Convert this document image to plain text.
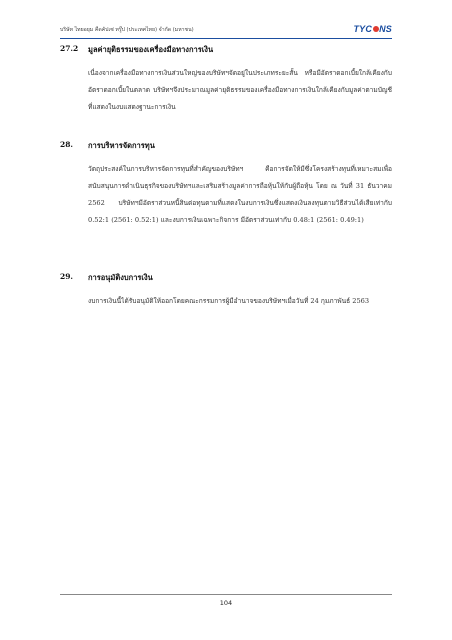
บริษัท ไทยอยุม คืดคัปเซ่ ทรู๊ป (ประเทศไทย) จำกัด (มหาชน)	TYC NS
27.2	มูลค่ายุติธรรมของเครื่องมือทางการเงิน
เนื่องจากเครื่องมือทางการเงินส่วนใหญ่ของบริษัทฯจัดอยู่ในประเภทระยะสั้น หรือมีอัตราดอกเบี้ยใกล้เคียงกับอัตราดอกเบี้ยในตลาด บริษัทฯจึงประมาณมูลค่ายุติธรรมของเครื่องมือทางการเงินใกล้เคียงกับมูลค่าตามบัญชีที่แสดงในงบแสดงฐานะการเงิน
28.	การบริหารจัดการทุน
วัตถุประสงค์ในการบริหารจัดการทุนที่สำคัญของบริษัทฯ คือการจัดให้มีซึ่งโครงสร้างทุนที่เหมาะสมเพื่อสนับสนุนการดำเนินธุรกิจของบริษัทฯและเสริมสร้างมูลค่าการถือหุ้นให้กับผู้ถือหุ้น โดย ณ วันที่ 31 ธันวาคม 2562 บริษัทฯมีอัตราส่วนหนี้สินต่อทุนตามที่แสดงในงบการเงินซึ่งแสดงเงินลงทุนตามวิธีส่วนได้เสียเท่ากับ 0.52:1 (2561: 0.52:1) และงบการเงินเฉพาะกิจการ มีอัตราส่วนเท่ากับ 0.48:1 (2561: 0.49:1)
29.	การอนุมัติงบการเงิน
งบการเงินนี้ได้รับอนุมัติให้ออกโดยคณะกรรมการผู้มีอำนาจของบริษัทฯเมื่อวันที่ 24 กุมภาพันธ์ 2563
104
